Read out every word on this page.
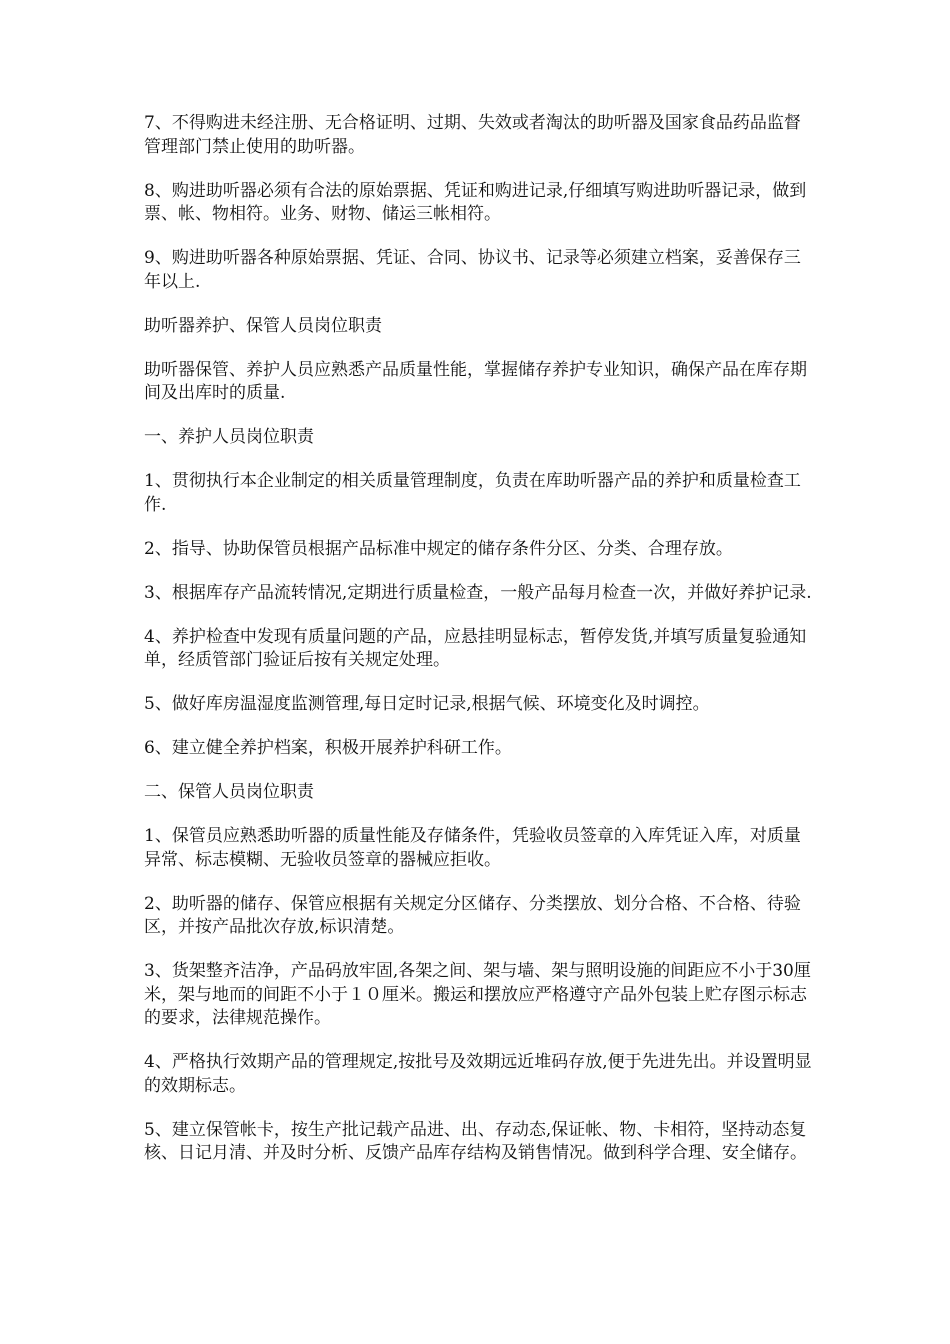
7、不得购进未经注册、无合格证明、过期、失效或者淘汰的助听器及国家食品药品监督管理部门禁止使用的助听器。

8、购进助听器必须有合法的原始票据、凭证和购进记录,仔细填写购进助听器记录，做到票、帐、物相符。业务、财物、储运三帐相符。

9、购进助听器各种原始票据、凭证、合同、协议书、记录等必须建立档案，妥善保存三年以上.

助听器养护、保管人员岗位职责

助听器保管、养护人员应熟悉产品质量性能，掌握储存养护专业知识，确保产品在库存期间及出库时的质量.

一、养护人员岗位职责

1、贯彻执行本企业制定的相关质量管理制度，负责在库助听器产品的养护和质量检查工作.

2、指导、协助保管员根据产品标准中规定的储存条件分区、分类、合理存放。

3、根据库存产品流转情况,定期进行质量检查，一般产品每月检查一次，并做好养护记录.

4、养护检查中发现有质量问题的产品，应悬挂明显标志，暂停发货,并填写质量复验通知单，经质管部门验证后按有关规定处理。

5、做好库房温湿度监测管理,每日定时记录,根据气候、环境变化及时调控。

6、建立健全养护档案，积极开展养护科研工作。

二、保管人员岗位职责

1、保管员应熟悉助听器的质量性能及存储条件，凭验收员签章的入库凭证入库，对质量异常、标志模糊、无验收员签章的器械应拒收。

2、助听器的储存、保管应根据有关规定分区储存、分类摆放、划分合格、不合格、待验区，并按产品批次存放,标识清楚。

3、货架整齐洁净，产品码放牢固,各架之间、架与墙、架与照明设施的间距应不小于30厘米，架与地而的间距不小于１０厘米。搬运和摆放应严格遵守产品外包装上贮存图示标志的要求，法律规范操作。

4、严格执行效期产品的管理规定,按批号及效期远近堆码存放,便于先进先出。并设置明显的效期标志。

5、建立保管帐卡，按生产批记载产品进、出、存动态,保证帐、物、卡相符，坚持动态复核、日记月清、并及时分析、反馈产品库存结构及销售情况。做到科学合理、安全储存。
